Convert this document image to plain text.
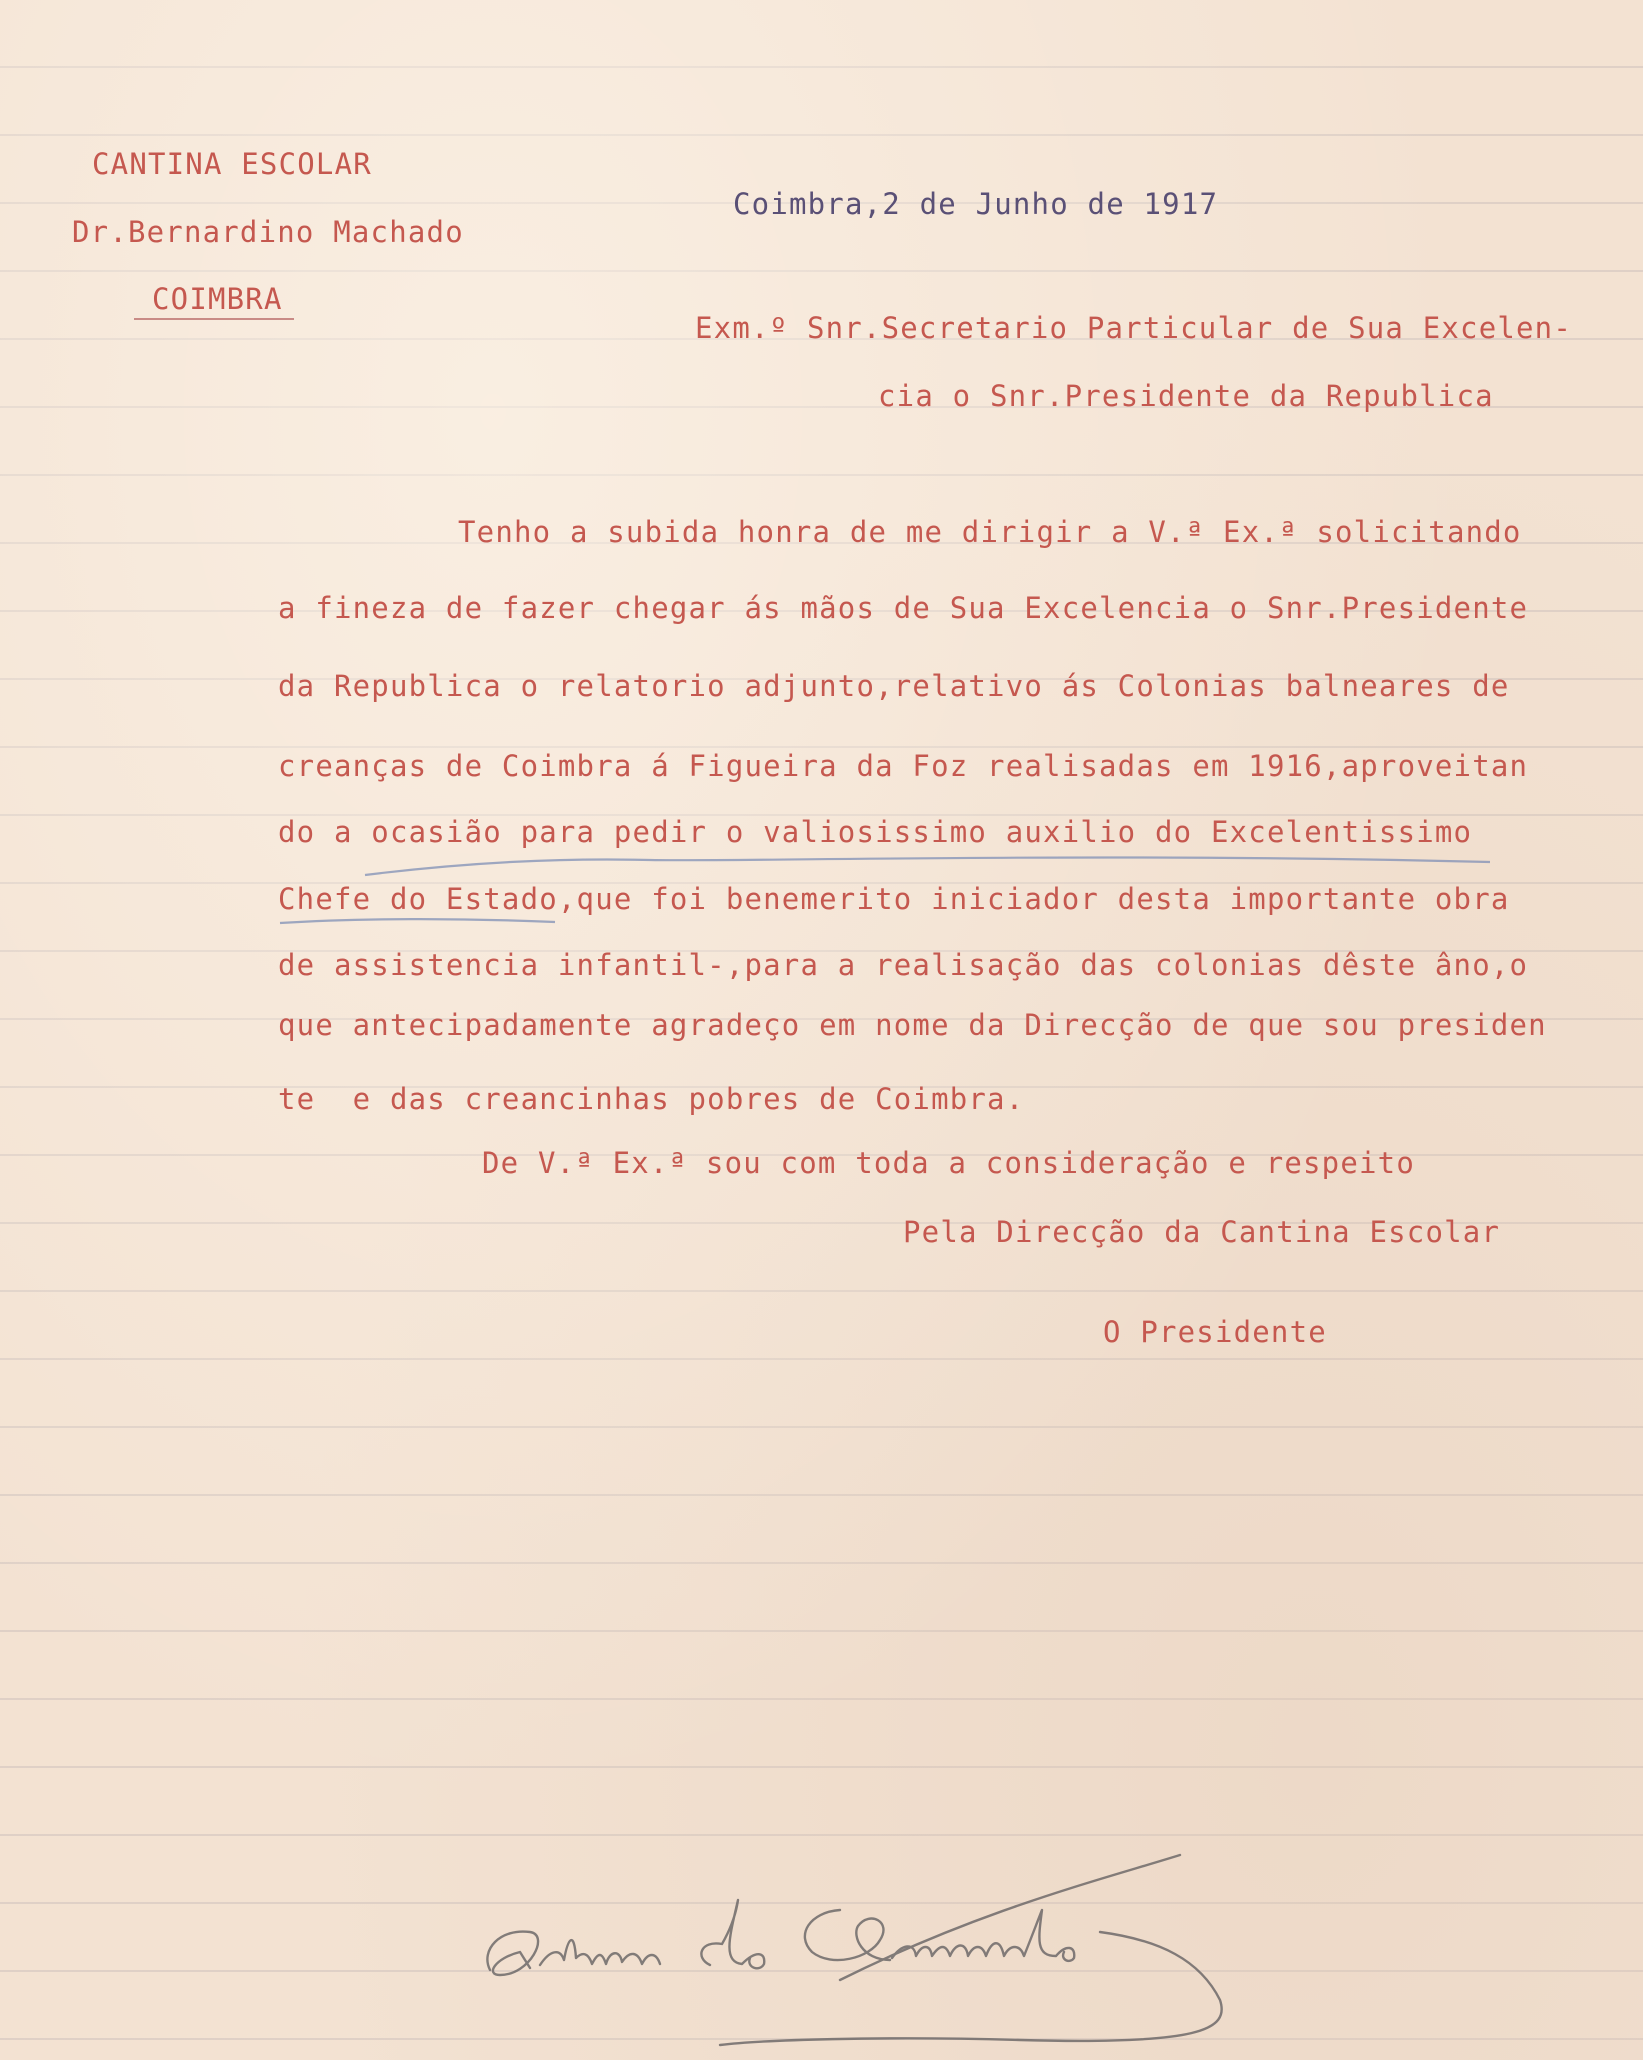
CANTINA ESCOLAR
Dr.Bernardino Machado
COIMBRA
Coimbra,2 de Junho de 1917
Exm.º Snr.Secretario Particular de Sua Excelen-
cia o Snr.Presidente da Republica
Tenho a subida honra de me dirigir a V.ª Ex.ª solicitando
a fineza de fazer chegar ás mãos de Sua Excelencia o Snr.Presidente
da Republica o relatorio adjunto,relativo ás Colonias balneares de
creanças de Coimbra á Figueira da Foz realisadas em 1916,aproveitan
do a ocasião para pedir o valiosissimo auxilio do Excelentissimo
Chefe do Estado,que foi benemerito iniciador desta importante obra
de assistencia infantil-,para a realisação das colonias dêste âno,o
que antecipadamente agradeço em nome da Direcção de que sou presiden
te  e das creancinhas pobres de Coimbra.
De V.ª Ex.ª sou com toda a consideração e respeito
Pela Direcção da Cantina Escolar
O Presidente
